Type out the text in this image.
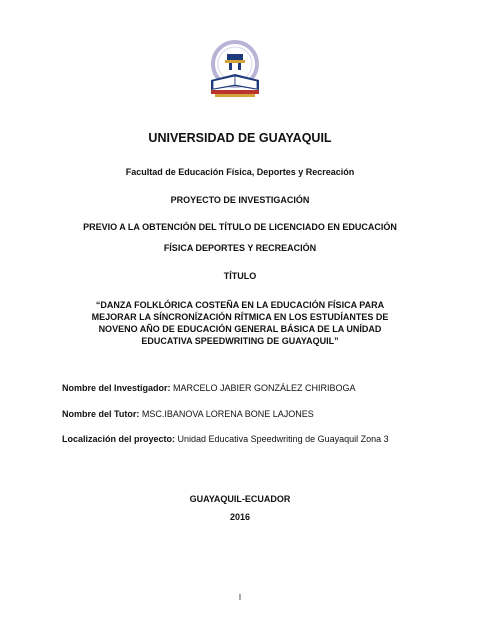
UNIVERSIDAD DE GUAYAQUIL
Facultad de Educación Física, Deportes y Recreación
PROYECTO DE INVESTIGACIÓN
PREVIO A LA OBTENCIÓN DEL TÍTULO DE LICENCIADO EN EDUCACIÓN
FÍSICA DEPORTES Y RECREACIÓN
TÍTULO
“DANZA FOLKLÓRICA COSTEÑA EN LA EDUCACIÓN FÍSICA PARA
MEJORAR LA SÍNCRONÍZACIÓN RÍTMICA EN LOS ESTUDÍANTES DE
NOVENO AÑO DE EDUCACIÓN GENERAL BÁSICA DE LA UNÍDAD
EDUCATIVA SPEEDWRITING DE GUAYAQUIL”
Nombre del Investigador: MARCELO JABIER GONZÁLEZ CHIRIBOGA
Nombre del Tutor: MSC.IBANOVA LORENA BONE LAJONES
Localización del proyecto: Unidad Educativa Speedwriting de Guayaquil Zona 3
GUAYAQUIL-ECUADOR
2016
I
